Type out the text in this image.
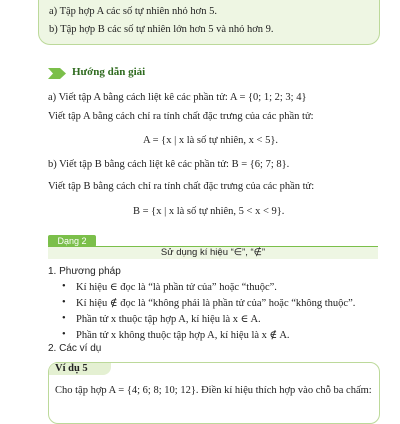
a) Tập hợp A các số tự nhiên nhỏ hơn 5.
b) Tập hợp B các số tự nhiên lớn hơn 5 và nhỏ hơn 9.
Hướng dẫn giải
a) Viết tập A bằng cách liệt kê các phần tử: A = {0; 1; 2; 3; 4}
Viết tập A bằng cách chỉ ra tính chất đặc trưng của các phần tử:
A = {x | x là số tự nhiên, x < 5}.
b) Viết tập B bằng cách liệt kê các phần tử: B = {6; 7; 8}.
Viết tập B bằng cách chỉ ra tính chất đặc trưng của các phần tử:
B = {x | x là số tự nhiên, 5 < x < 9}.
Dạng 2
Sử dụng kí hiệu “∈”, “∉”
1. Phương pháp
• Kí hiệu ∈ đọc là “là phần tử của” hoặc “thuộc”.
• Kí hiệu ∉ đọc là “không phải là phần tử của” hoặc “không thuộc”.
• Phần tử x thuộc tập hợp A, kí hiệu là x ∈ A.
• Phần tử x không thuộc tập hợp A, kí hiệu là x ∉ A.
2. Các ví dụ
Ví dụ 5
Cho tập hợp A = {4; 6; 8; 10; 12}. Điền kí hiệu thích hợp vào chỗ ba chấm:
